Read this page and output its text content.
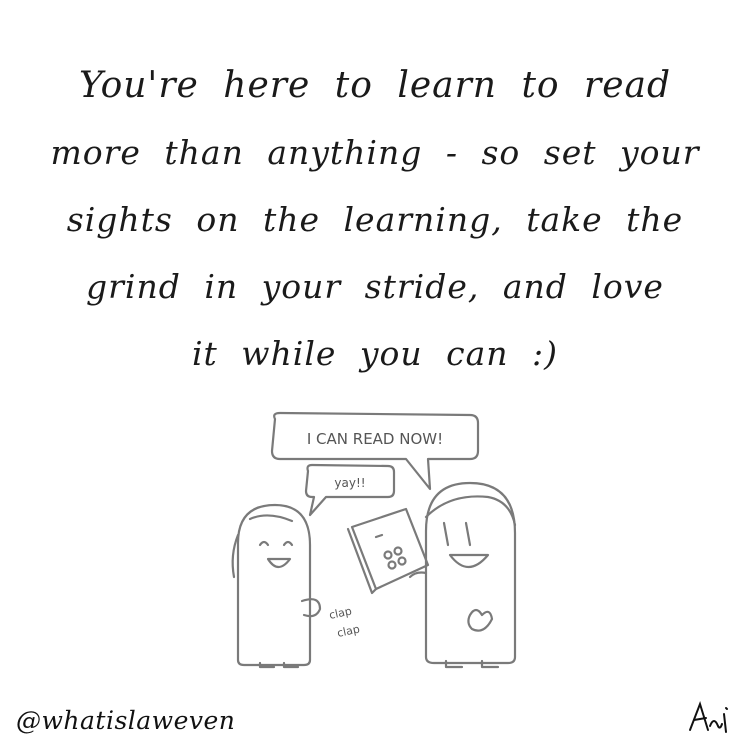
You're here to learn to read
more than anything - so set your
sights on the learning, take the
grind in your stride, and love
it while you can :)
I CAN READ NOW!
yay!!
clap
clap
@whatislaweven
